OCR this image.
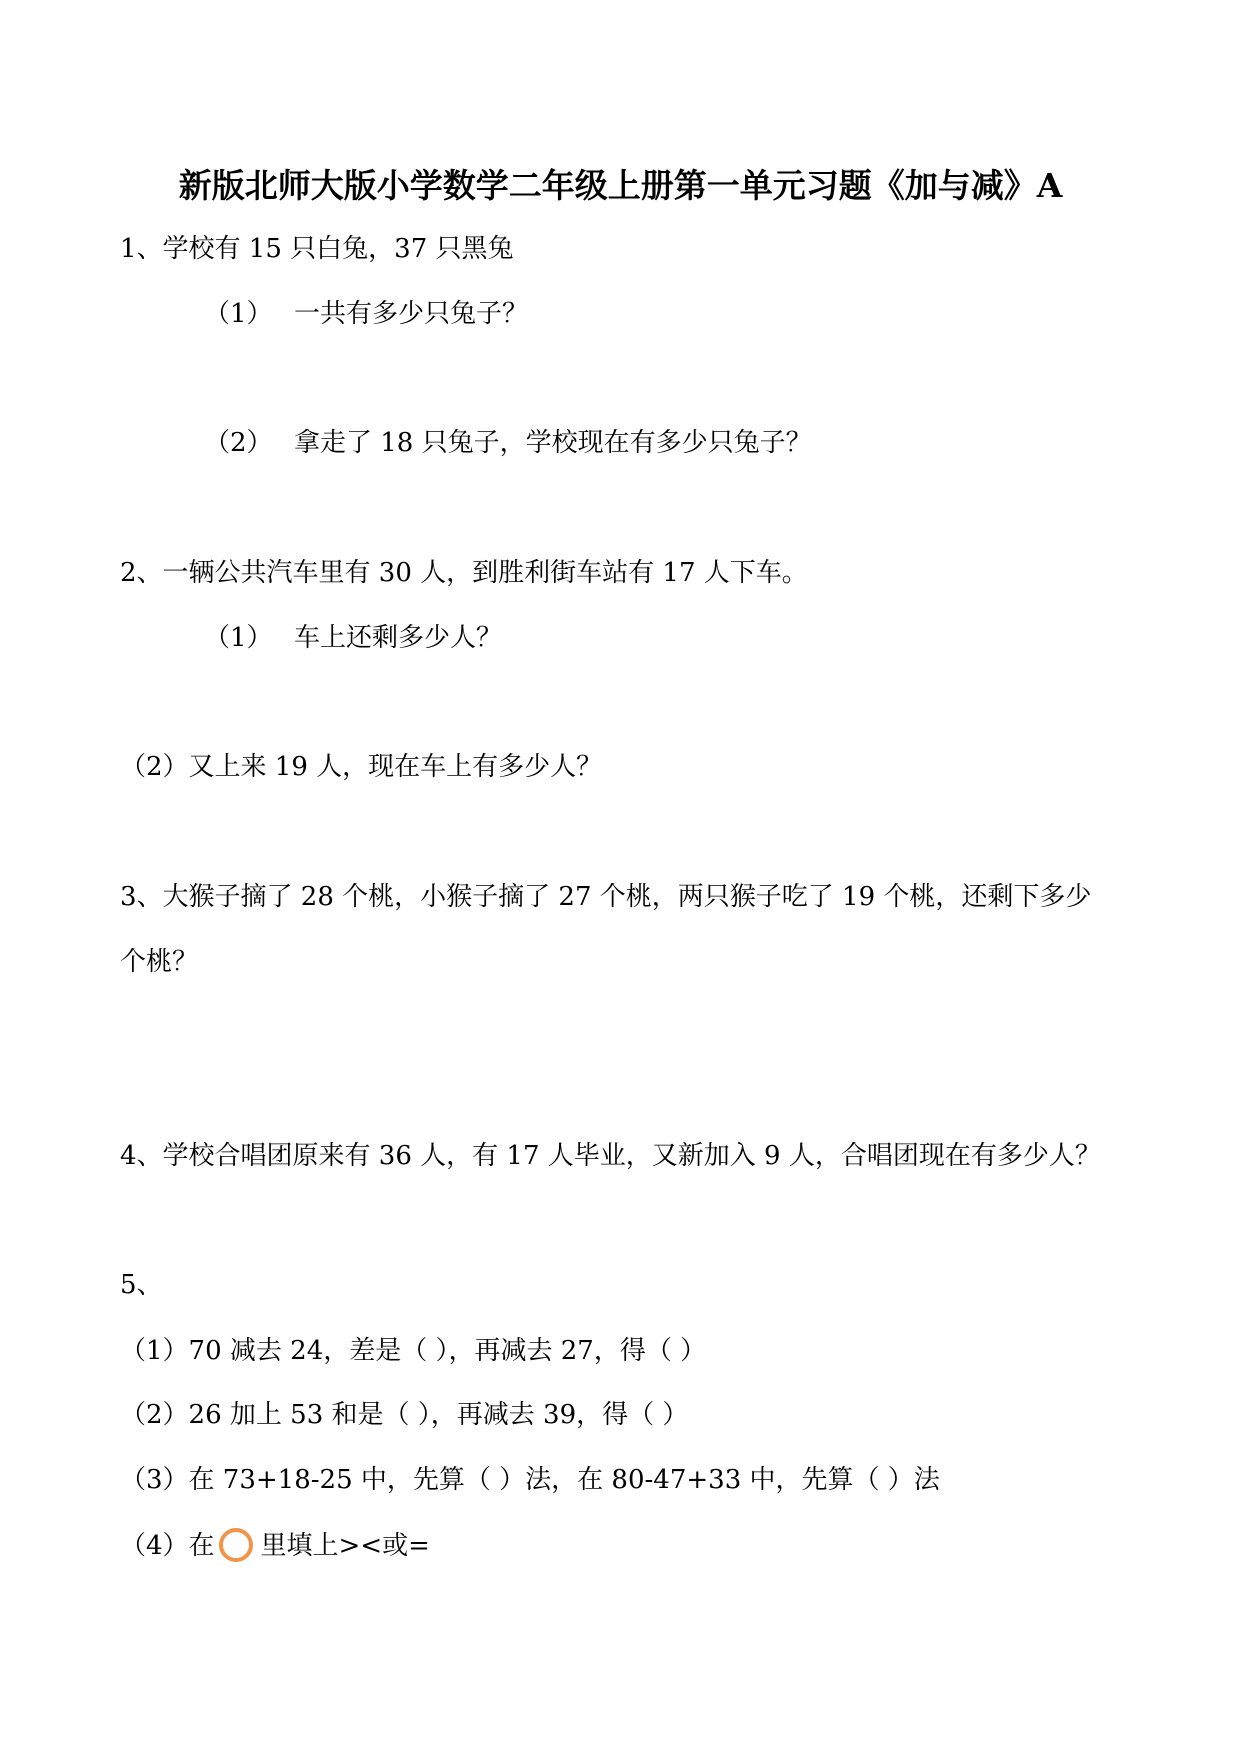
新版北师大版小学数学二年级上册第一单元习题《加与减》A
1、学校有 15 只白兔，37 只黑兔
（1） 一共有多少只兔子？
（2） 拿走了 18 只兔子，学校现在有多少只兔子？
2、一辆公共汽车里有 30 人，到胜利街车站有 17 人下车。
（1） 车上还剩多少人？
（2）又上来 19 人，现在车上有多少人？
3、大猴子摘了 28 个桃，小猴子摘了 27 个桃，两只猴子吃了 19 个桃，还剩下多少
个桃？
4、学校合唱团原来有 36 人，有 17 人毕业，又新加入 9 人，合唱团现在有多少人？
5、
（1）70 减去 24，差是（ ），再减去 27，得（ ）
（2）26 加上 53 和是（ ），再减去 39，得（ ）
（3）在 73+18-25 中，先算（ ）法，在 80-47+33 中，先算（ ）法
（4）在 里填上><或=
